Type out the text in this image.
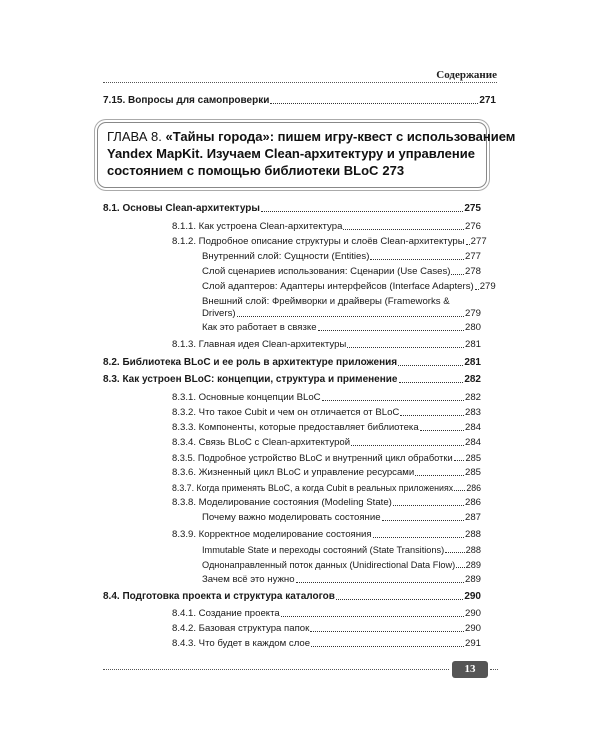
Содержание
7.15. Вопросы для самопроверки	271
ГЛАВА 8. «Тайны города»: пишем игру-квест с использованием
Yandex MapKit. Изучаем Clean-архитектуру и управление
состоянием с помощью библиотеки BLoC 273
8.1. Основы Clean-архитектуры	275
8.1.1. Как устроена Clean-архитектура	276
8.1.2. Подробное описание структуры и слоёв Clean-архитектуры 277
Внутренний слой: Сущности (Entities)	277
Слой сценариев использования: Сценарии (Use Cases) 278
Слой адаптеров: Адаптеры интерфейсов (Interface Adapters) 279
Внешний слой: Фреймворки и драйверы (Frameworks &
Drivers)	279
Как это работает в связке	280
8.1.3. Главная идея Clean-архитектуры	281
8.2. Библиотека BLoC и ее роль в архитектуре приложения	281
8.3. Как устроен BLoC: концепции, структура и применение	282
8.3.1. Основные концепции BLoC	282
8.3.2. Что такое Cubit и чем он отличается от BLoC	283
8.3.3. Компоненты, которые предоставляет библиотека	284
8.3.4. Связь BLoC с Clean-архитектурой	284
8.3.5. Подробное устройство BLoC и внутренний цикл обработки 285
8.3.6. Жизненный цикл BLoC и управление ресурсами	285
8.3.7. Когда применять BLoC, а когда Cubit в реальных приложениях 286
8.3.8. Моделирование состояния (Modeling State)	286
Почему важно моделировать состояние	287
8.3.9. Корректное моделирование состояния	288
Immutable State и переходы состояний (State Transitions) 288
Однонаправленный поток данных (Unidirectional Data Flow) 289
Зачем всё это нужно	289
8.4. Подготовка проекта и структура каталогов	290
8.4.1. Создание проекта	290
8.4.2. Базовая структура папок	290
8.4.3. Что будет в каждом слое	291
13
